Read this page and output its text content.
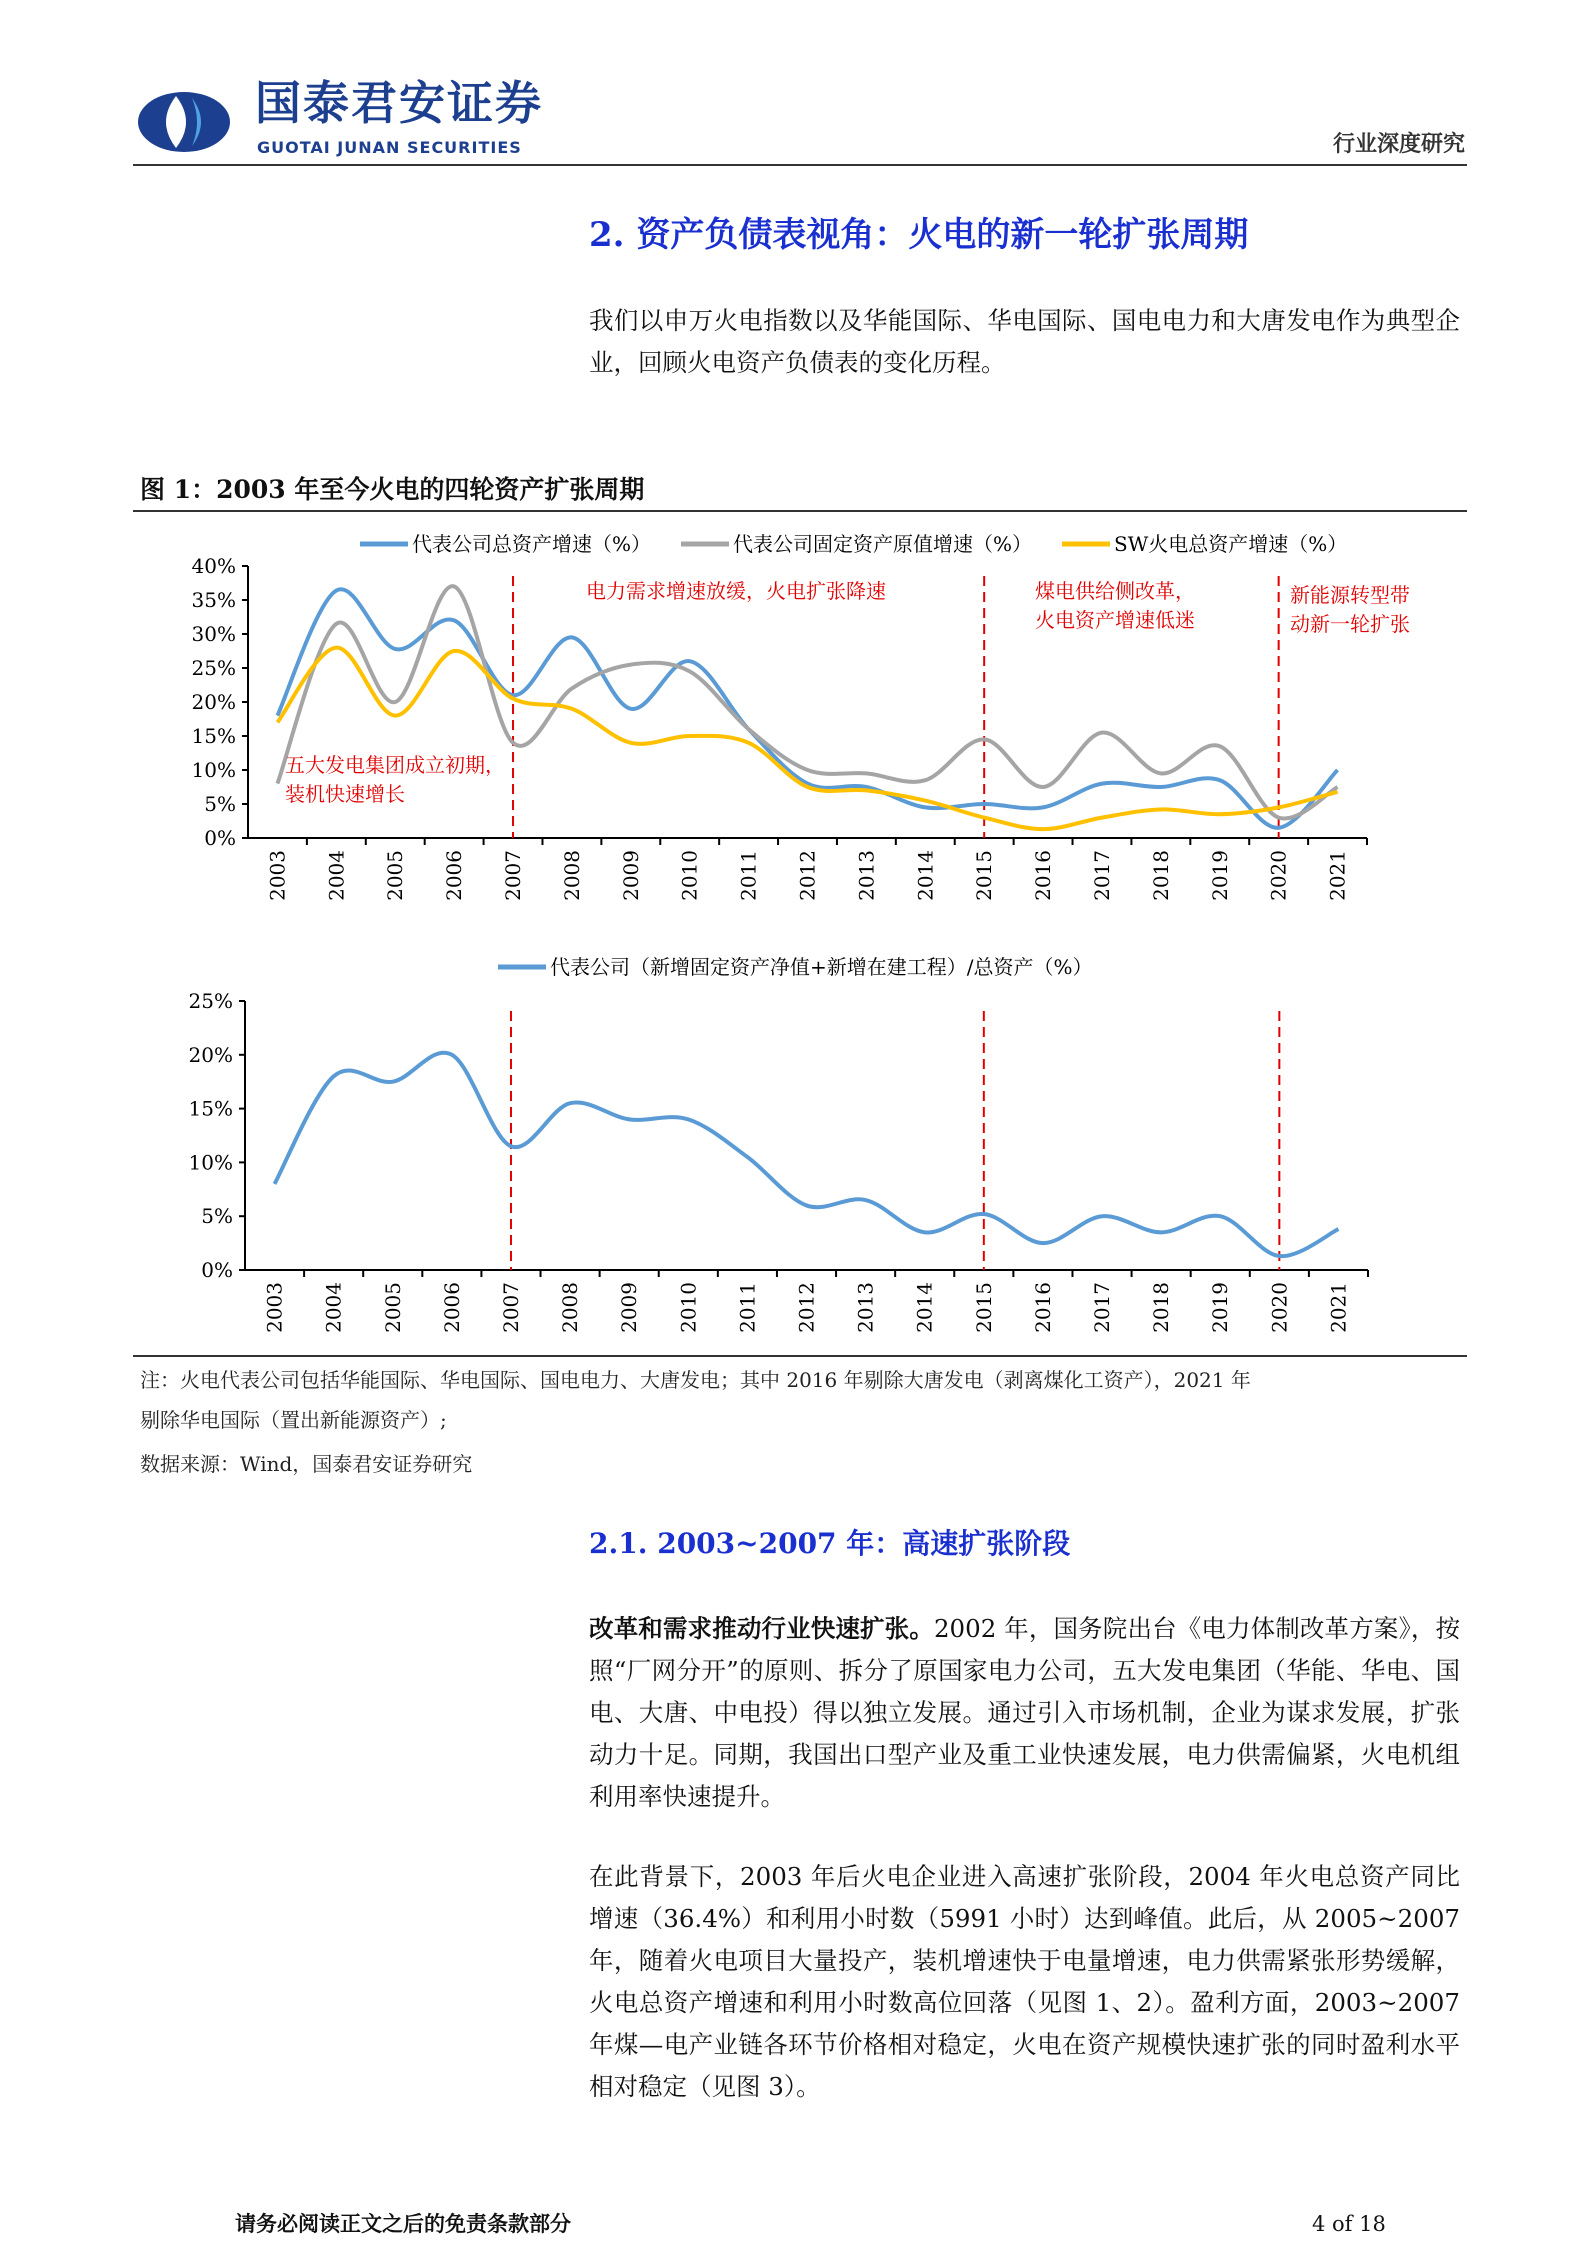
国泰君安证券
GUOTAI JUNAN SECURITIES	行业深度研究
2. 资产负债表视角：火电的新一轮扩张周期
我们以申万火电指数以及华能国际、华电国际、国电电力和大唐发电作为典型企业，回顾火电资产负债表的变化历程。
图 1：2003 年至今火电的四轮资产扩张周期
代表公司总资产增速（%）	代表公司固定资产原值增速（%）	SW火电总资产增速（%）
0%
5%
10%
15%
20%
25%
30%
35%
40%
2003 2004 2005 2006 2007 2008 2009 2010 2011 2012 2013 2014 2015 2016 2017 2018 2019 2020 2021
五大发电集团成立初期，
装机快速增长
电力需求增速放缓，火电扩张降速	煤电供给侧改革，
火电资产增速低迷
新能源转型带
动新一轮扩张
代表公司（新增固定资产净值+新增在建工程）/总资产（%）
0%
5%
10%
15%
20%
25%
2003 2004 2005 2006 2007 2008 2009 2010 2011 2012 2013 2014 2015 2016 2017 2018 2019 2020 2021
注：火电代表公司包括华能国际、华电国际、国电电力、大唐发电；其中 2016 年剔除大唐发电（剥离煤化工资产），2021 年
剔除华电国际（置出新能源资产）;
数据来源：Wind，国泰君安证券研究
2.1. 2003~2007 年：高速扩张阶段
改革和需求推动行业快速扩张。2002 年，国务院出台《电力体制改革方案》，按照“厂网分开”的原则、拆分了原国家电力公司，五大发电集团（华能、华电、国电、大唐、中电投）得以独立发展。通过引入市场机制，企业为谋求发展，扩张动力十足。同期，我国出口型产业及重工业快速发展，电力供需偏紧，火电机组利用率快速提升。
在此背景下，2003 年后火电企业进入高速扩张阶段，2004 年火电总资产同比增速（36.4%）和利用小时数（5991 小时）达到峰值。此后，从 2005~2007 年，随着火电项目大量投产，装机增速快于电量增速，电力供需紧张形势缓解，火电总资产增速和利用小时数高位回落（见图 1、2）。盈利方面，2003~2007 年煤—电产业链各环节价格相对稳定，火电在资产规模快速扩张的同时盈利水平相对稳定（见图 3）。
请务必阅读正文之后的免责条款部分	4 of 18
